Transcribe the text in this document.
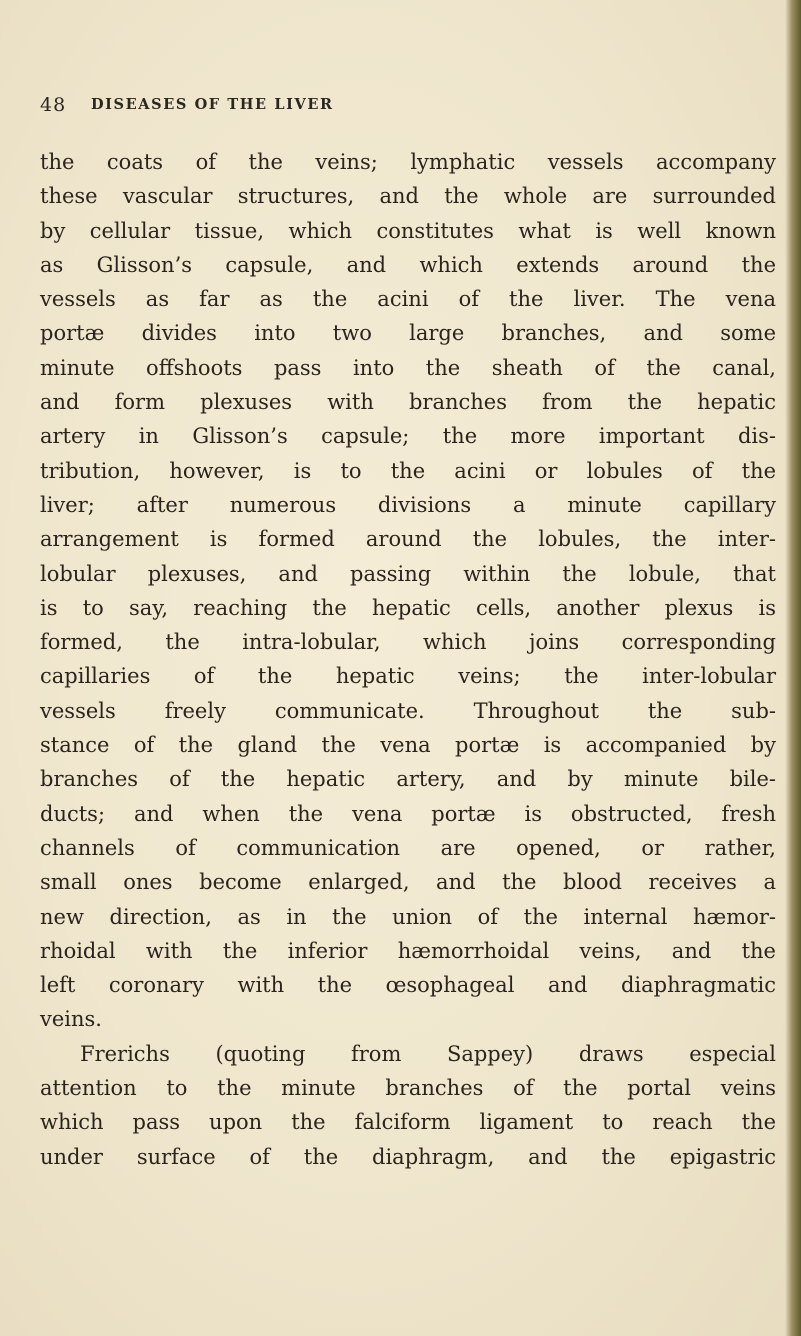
48 DISEASES OF THE LIVER
the coats of the veins; lymphatic vessels accompany
these vascular structures, and the whole are surrounded
by cellular tissue, which constitutes what is well known
as Glisson’s capsule, and which extends around the
vessels as far as the acini of the liver. The vena
portæ divides into two large branches, and some
minute offshoots pass into the sheath of the canal,
and form plexuses with branches from the hepatic
artery in Glisson’s capsule; the more important dis-
tribution, however, is to the acini or lobules of the
liver; after numerous divisions a minute capillary
arrangement is formed around the lobules, the inter-
lobular plexuses, and passing within the lobule, that
is to say, reaching the hepatic cells, another plexus is
formed, the intra-lobular, which joins corresponding
capillaries of the hepatic veins; the inter-lobular
vessels freely communicate. Throughout the sub-
stance of the gland the vena portæ is accompanied by
branches of the hepatic artery, and by minute bile-
ducts; and when the vena portæ is obstructed, fresh
channels of communication are opened, or rather,
small ones become enlarged, and the blood receives a
new direction, as in the union of the internal hæmor-
rhoidal with the inferior hæmorrhoidal veins, and the
left coronary with the œsophageal and diaphragmatic
veins.
Frerichs (quoting from Sappey) draws especial
attention to the minute branches of the portal veins
which pass upon the falciform ligament to reach the
under surface of the diaphragm, and the epigastric
